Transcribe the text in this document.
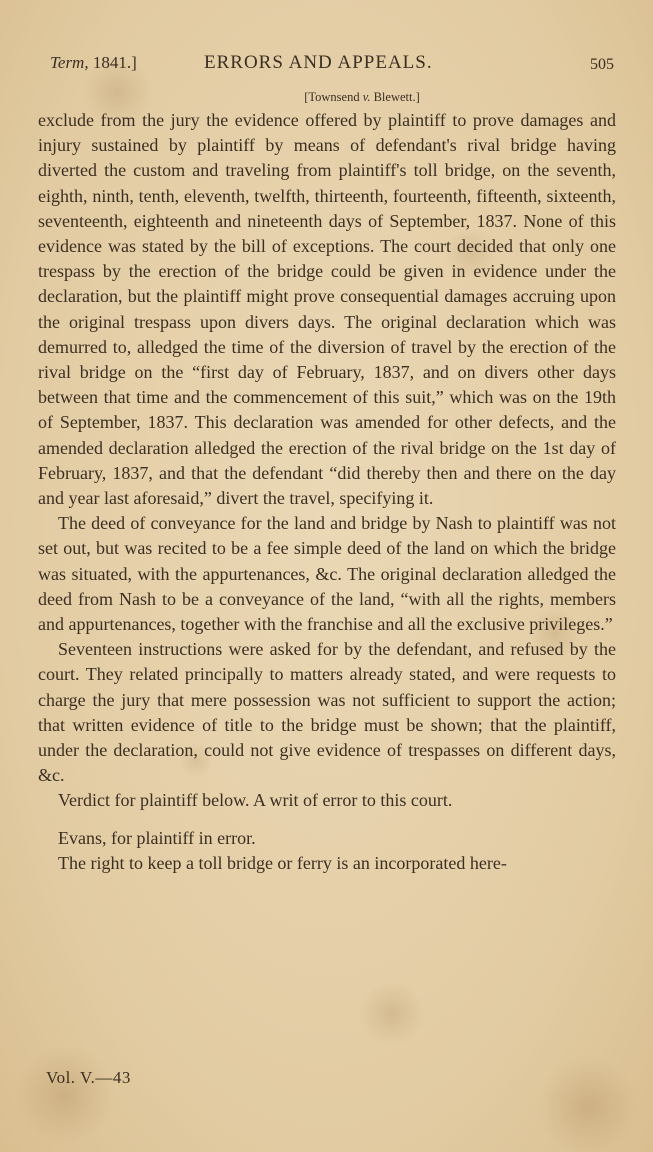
Term, 1841.]	ERRORS AND APPEALS.	505
[Townsend v. Blewett.]

exclude from the jury the evidence offered by plaintiff to prove damages and injury sustained by plaintiff by means of defendant's rival bridge having diverted the custom and traveling from plaintiff's toll bridge, on the seventh, eighth, ninth, tenth, eleventh, twelfth, thirteenth, fourteenth, fifteenth, sixteenth, seventeenth, eighteenth and nineteenth days of September, 1837. None of this evidence was stated by the bill of exceptions. The court decided that only one trespass by the erection of the bridge could be given in evidence under the declaration, but the plaintiff might prove consequential damages accruing upon the original trespass upon divers days. The original declaration which was demurred to, alledged the time of the diversion of travel by the erection of the rival bridge on the “first day of February, 1837, and on divers other days between that time and the commencement of this suit,” which was on the 19th of September, 1837. This declaration was amended for other defects, and the amended declaration alledged the erection of the rival bridge on the 1st day of February, 1837, and that the defendant “did thereby then and there on the day and year last aforesaid,” divert the travel, specifying it.

The deed of conveyance for the land and bridge by Nash to plaintiff was not set out, but was recited to be a fee simple deed of the land on which the bridge was situated, with the appurtenances, &c. The original declaration alledged the deed from Nash to be a conveyance of the land, “with all the rights, members and appurtenances, together with the franchise and all the exclusive privileges.”

Seventeen instructions were asked for by the defendant, and refused by the court. They related principally to matters already stated, and were requests to charge the jury that mere possession was not sufficient to support the action; that written evidence of title to the bridge must be shown; that the plaintiff, under the declaration, could not give evidence of trespasses on different days, &c.

Verdict for plaintiff below. A writ of error to this court.

Evans, for plaintiff in error.

The right to keep a toll bridge or ferry is an incorporated here-

Vol. V.—43
